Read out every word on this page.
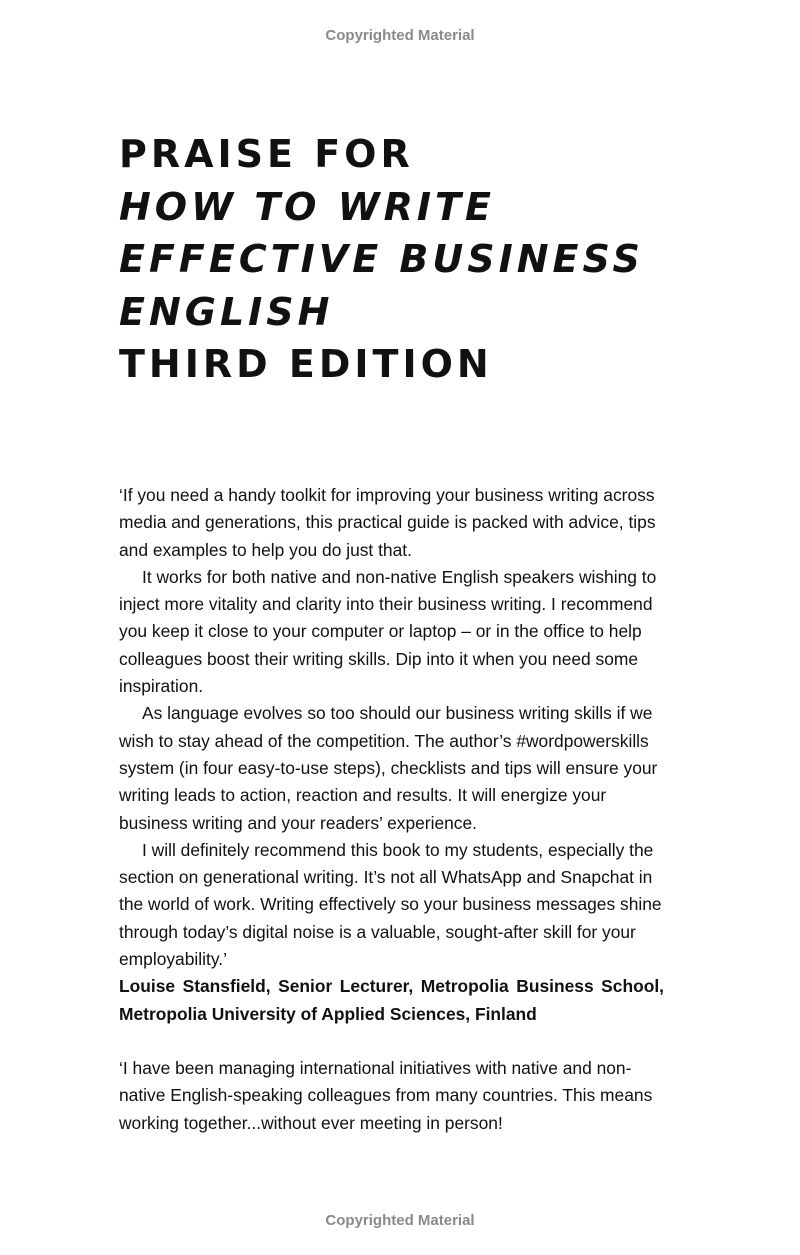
Copyrighted Material
PRAISE FOR
HOW TO WRITE
EFFECTIVE BUSINESS
ENGLISH
THIRD EDITION

‘If you need a handy toolkit for improving your business writing across media and generations, this practical guide is packed with advice, tips and examples to help you do just that.

It works for both native and non-native English speakers wishing to inject more vitality and clarity into their business writing. I recommend you keep it close to your computer or laptop – or in the office to help colleagues boost their writing skills. Dip into it when you need some inspiration.

As language evolves so too should our business writing skills if we wish to stay ahead of the competition. The author’s #wordpowerskills system (in four easy-to-use steps), checklists and tips will ensure your writing leads to action, reaction and results. It will energize your business writing and your readers’ experience.

I will definitely recommend this book to my students, especially the section on generational writing. It’s not all WhatsApp and Snapchat in the world of work. Writing effectively so your business messages shine through today’s digital noise is a valuable, sought-after skill for your employability.’

Louise Stansfield, Senior Lecturer, Metropolia Business School, Metropolia University of Applied Sciences, Finland

‘I have been managing international initiatives with native and non-native English-speaking colleagues from many countries. This means working together...without ever meeting in person!

Copyrighted Material
